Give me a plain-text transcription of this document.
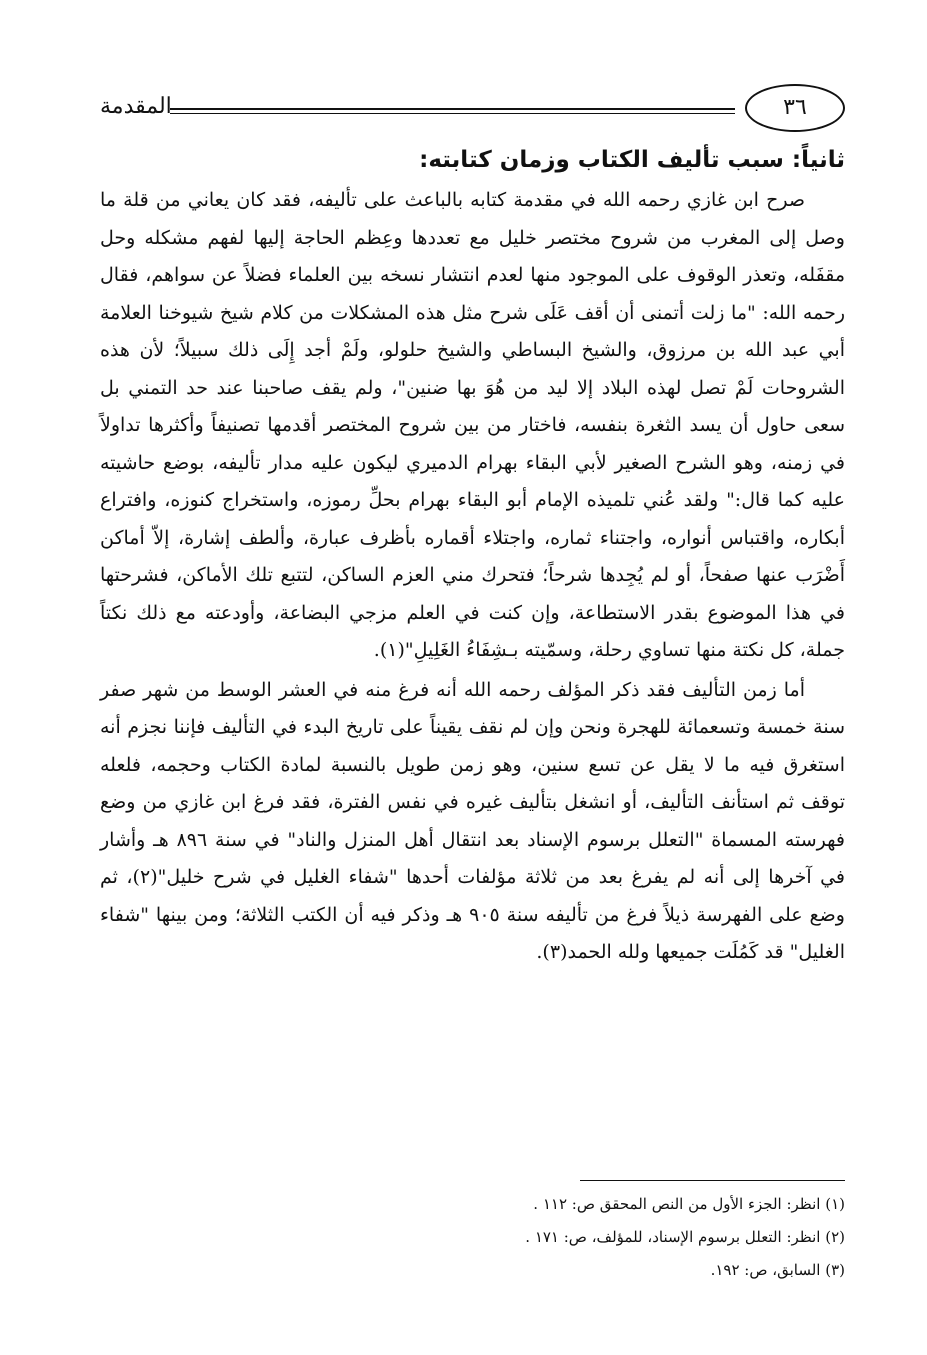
المقدمة	٣٦
ثانياً: سبب تأليف الكتاب وزمان كتابته:

صرح ابن غازي رحمه الله في مقدمة كتابه بالباعث على تأليفه، فقد كان يعاني من قلة ما وصل إلى المغرب من شروح مختصر خليل مع تعددها وعِظم الحاجة إليها لفهم مشكله وحل مقفَله، وتعذر الوقوف على الموجود منها لعدم انتشار نسخه بين العلماء فضلاً عن سواهم، فقال رحمه الله: "ما زلت أتمنى أن أقف عَلَى شرح مثل هذه المشكلات من كلام شيخ شيوخنا العلامة أبي عبد الله بن مرزوق، والشيخ البساطي والشيخ حلولو، ولَمْ أجد إِلَى ذلك سبيلاً؛ لأن هذه الشروحات لَمْ تصل لهذه البلاد إلا ليد من هُوَ بها ضنين"، ولم يقف صاحبنا عند حد التمني بل سعى حاول أن يسد الثغرة بنفسه، فاختار من بين شروح المختصر أقدمها تصنيفاً وأكثرها تداولاً في زمنه، وهو الشرح الصغير لأبي البقاء بهرام الدميري ليكون عليه مدار تأليفه، بوضع حاشيته عليه كما قال:" ولقد عُني تلميذه الإمام أبو البقاء بهرام بحلِّ رموزه، واستخراج كنوزه، وافتراع أبكاره، واقتباس أنواره، واجتناء ثماره، واجتلاء أقماره بأظرف عبارة، وألطف إشارة، إلاّ أماكن أَضْرَب عنها صفحاً، أو لم يُجِدها شرحاً؛ فتحرك مني العزم الساكن، لتتبع تلك الأماكن، فشرحتها في هذا الموضوع بقدر الاستطاعة، وإن كنت في العلم مزجي البضاعة، وأودعته مع ذلك نكتاً جملة، كل نكتة منها تساوي رحلة، وسمّيته بـشِفَاءُ الغَلِيلِ"(١).

أما زمن التأليف فقد ذكر المؤلف رحمه الله أنه فرغ منه في العشر الوسط من شهر صفر سنة خمسة وتسعمائة للهجرة ونحن وإن لم نقف يقيناً على تاريخ البدء في التأليف فإننا نجزم أنه استغرق فيه ما لا يقل عن تسع سنين، وهو زمن طويل بالنسبة لمادة الكتاب وحجمه، فلعله توقف ثم استأنف التأليف، أو انشغل بتأليف غيره في نفس الفترة، فقد فرغ ابن غازي من وضع فهرسته المسماة "التعلل برسوم الإسناد بعد انتقال أهل المنزل والناد" في سنة ٨٩٦ هـ وأشار في آخرها إلى أنه لم يفرغ بعد من ثلاثة مؤلفات أحدها "شفاء الغليل في شرح خليل"(٢)، ثم وضع على الفهرسة ذيلاً فرغ من تأليفه سنة ٩٠٥ هـ وذكر فيه أن الكتب الثلاثة؛ ومن بينها "شفاء الغليل" قد كَمُلَت جميعها ولله الحمد(٣).

(١) انظر: الجزء الأول من النص المحقق ص: ١١٢ .

(٢) انظر: التعلل برسوم الإسناد، للمؤلف، ص: ١٧١ .

(٣) السابق، ص: ١٩٢.
